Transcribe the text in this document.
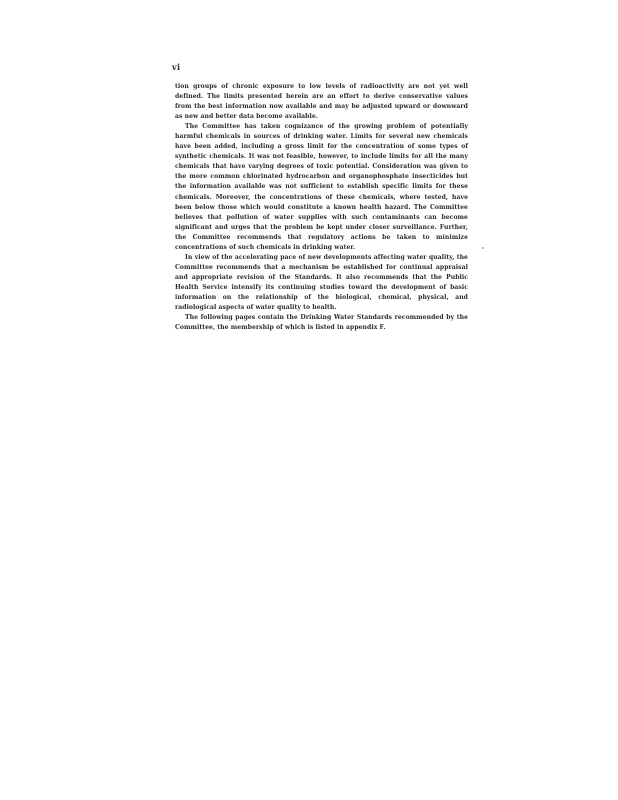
vi

tion groups of chronic exposure to low levels of radioactivity are not yet well defined. The limits presented herein are an effort to derive conservative values from the best information now available and may be adjusted upward or downward as new and better data become available.

The Committee has taken cognizance of the growing problem of potentially harmful chemicals in sources of drinking water. Limits for several new chemicals have been added, including a gross limit for the concentration of some types of synthetic chemicals. It was not feasible, however, to include limits for all the many chemicals that have varying degrees of toxic potential. Consideration was given to the more common chlorinated hydrocarbon and organophosphate insecticides but the information available was not sufficient to establish specific limits for these chemicals. Moreover, the concentrations of these chemicals, where tested, have been below those which would constitute a known health hazard. The Committee believes that pollution of water supplies with such contaminants can become significant and urges that the problem be kept under closer surveillance. Further, the Committee recommends that regulatory actions be taken to minimize concentrations of such chemicals in drinking water.

In view of the accelerating pace of new developments affecting water quality, the Committee recommends that a mechanism be established for continual appraisal and appropriate revision of the Standards. It also recommends that the Public Health Service intensify its continuing studies toward the development of basic information on the relationship of the biological, chemical, physical, and radiological aspects of water quality to health.

The following pages contain the Drinking Water Standards recommended by the Committee, the membership of which is listed in appendix F.
